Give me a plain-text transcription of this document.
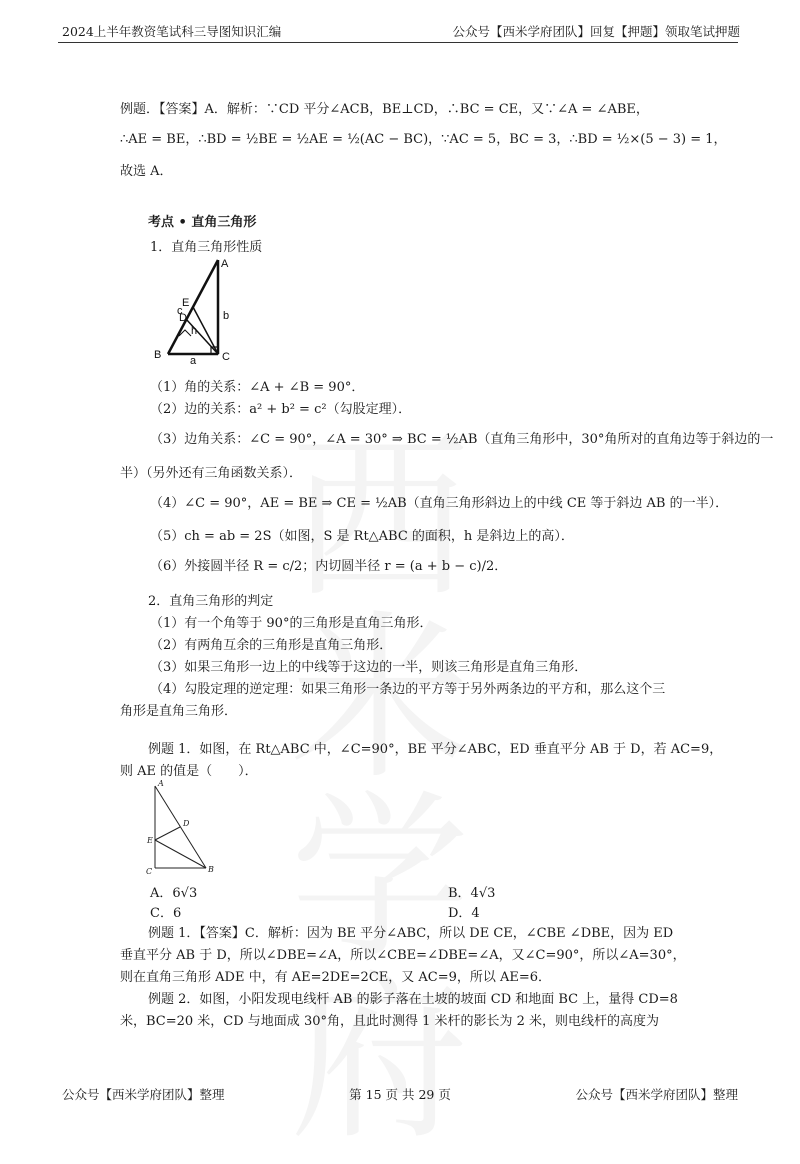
2024上半年教资笔试科三导图知识汇编	公众号【西米学府团队】回复【押题】领取笔试押题
例题．【答案】A．解析：∵CD 平分∠ACB，BE⊥CD，∴BC = CE，又∵∠A = ∠ABE，
∴AE = BE，∴BD = ½BE = ½AE = ½(AC − BC)，∵AC = 5，BC = 3，∴BD = ½×(5 − 3) = 1，
故选 A．
考点 • 直角三角形
1．直角三角形性质
A
B	C
D
E
a
b
c
h
（1）角的关系：∠A + ∠B = 90°．
（2）边的关系：a² + b² = c²（勾股定理）．
（3）边角关系：∠C = 90°，∠A = 30° ⇒ BC = ½AB（直角三角形中，30°角所对的直角边等于斜边的一
半）（另外还有三角函数关系）．
（4）∠C = 90°，AE = BE ⇒ CE = ½AB（直角三角形斜边上的中线 CE 等于斜边 AB 的一半）．
（5）ch = ab = 2S（如图，S 是 Rt△ABC 的面积，h 是斜边上的高）．
（6）外接圆半径 R = c/2；内切圆半径 r = (a + b − c)/2．
2．直角三角形的判定
（1）有一个角等于 90°的三角形是直角三角形．
（2）有两角互余的三角形是直角三角形．
（3）如果三角形一边上的中线等于这边的一半，则该三角形是直角三角形．
（4）勾股定理的逆定理：如果三角形一条边的平方等于另外两条边的平方和，那么这个三
角形是直角三角形．
例题 1．如图，在 Rt△ABC 中，∠C=90°，BE 平分∠ABC，ED 垂直平分 AB 于 D，若 AC=9，
则 AE 的值是（　　）．
A
B
C
D
E
A．6√3	B．4√3
C．6	D．4
例题 1．【答案】C．解析：因为 BE 平分∠ABC，所以 DE CE，∠CBE ∠DBE，因为 ED
垂直平分 AB 于 D，所以∠DBE=∠A，所以∠CBE=∠DBE=∠A，又∠C=90°，所以∠A=30°，
则在直角三角形 ADE 中，有 AE=2DE=2CE，又 AC=9，所以 AE=6．
例题 2．如图，小阳发现电线杆 AB 的影子落在土坡的坡面 CD 和地面 BC 上，量得 CD=8
米，BC=20 米，CD 与地面成 30°角，且此时测得 1 米杆的影长为 2 米，则电线杆的高度为
公众号【西米学府团队】整理	第 15 页 共 29 页	公众号【西米学府团队】整理
